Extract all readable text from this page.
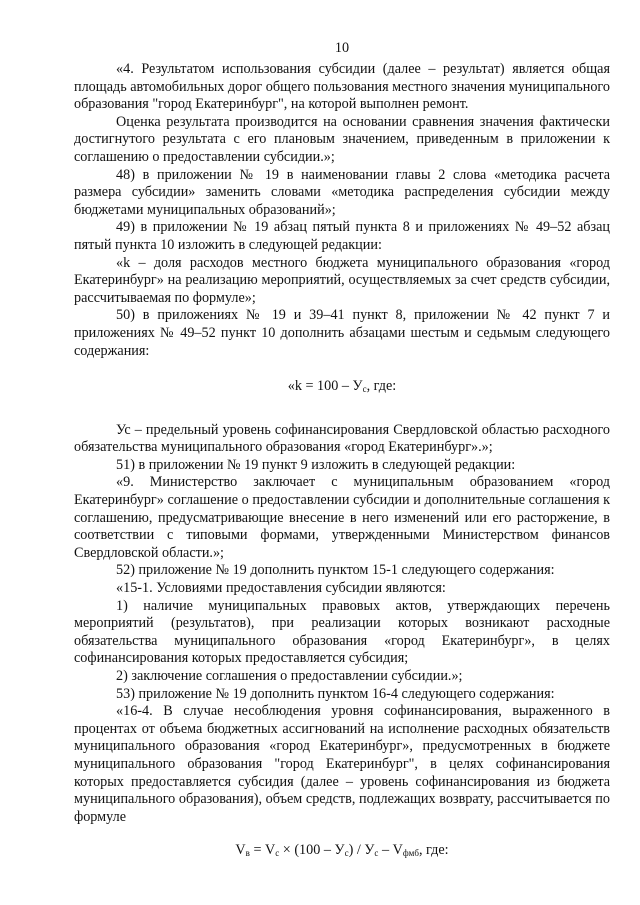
10

«4. Результатом использования субсидии (далее – результат) является общая площадь автомобильных дорог общего пользования местного значения муниципального образования "город Екатеринбург", на которой выполнен ремонт.

Оценка результата производится на основании сравнения значения фактически достигнутого результата с его плановым значением, приведенным в приложении к соглашению о предоставлении субсидии.»;

48) в приложении № 19 в наименовании главы 2 слова «методика расчета размера субсидии» заменить словами «методика распределения субсидии между бюджетами муниципальных образований»;

49) в приложении № 19 абзац пятый пункта 8 и приложениях № 49–52 абзац пятый пункта 10 изложить в следующей редакции:

«k – доля расходов местного бюджета муниципального образования «город Екатеринбург» на реализацию мероприятий, осуществляемых за счет средств субсидии, рассчитываемая по формуле»;

50) в приложениях № 19 и 39–41 пункт 8, приложении № 42 пункт 7 и приложениях № 49–52 пункт 10 дополнить абзацами шестым и седьмым следующего содержания:

«$k = 100 - У_с$, где:

Ус – предельный уровень софинансирования Свердловской областью расходного обязательства муниципального образования «город Екатеринбург».»;

51) в приложении № 19 пункт 9 изложить в следующей редакции:

«9. Министерство заключает с муниципальным образованием «город Екатеринбург» соглашение о предоставлении субсидии и дополнительные соглашения к соглашению, предусматривающие внесение в него изменений или его расторжение, в соответствии с типовыми формами, утвержденными Министерством финансов Свердловской области.»;

52) приложение № 19 дополнить пунктом 15-1 следующего содержания:

«15-1. Условиями предоставления субсидии являются:

1) наличие муниципальных правовых актов, утверждающих перечень мероприятий (результатов), при реализации которых возникают расходные обязательства муниципального образования «город Екатеринбург», в целях софинансирования которых предоставляется субсидия;

2) заключение соглашения о предоставлении субсидии.»;

53) приложение № 19 дополнить пунктом 16-4 следующего содержания:

«16-4. В случае несоблюдения уровня софинансирования, выраженного в процентах от объема бюджетных ассигнований на исполнение расходных обязательств муниципального образования «город Екатеринбург», предусмотренных в бюджете муниципального образования "город Екатеринбург", в целях софинансирования которых предоставляется субсидия (далее – уровень софинансирования из бюджета муниципального образования), объем средств, подлежащих возврату, рассчитывается по формуле

$V_в = V_с \times (100 - У_с) / У_с - V_{фмб}$, где:
